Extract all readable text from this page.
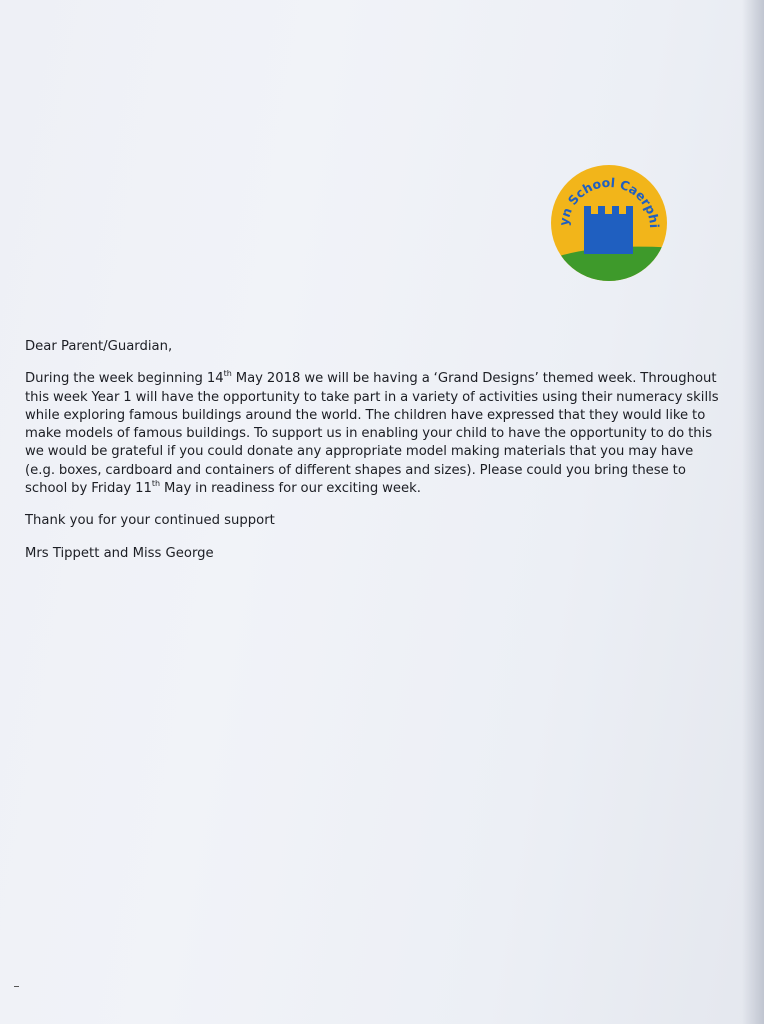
yn School Caerphi

Dear Parent/Guardian,

During the week beginning 14th May 2018 we will be having a ‘Grand Designs’ themed week. Throughout this week Year 1 will have the opportunity to take part in a variety of activities using their numeracy skills while exploring famous buildings around the world. The children have expressed that they would like to make models of famous buildings. To support us in enabling your child to have the opportunity to do this we would be grateful if you could donate any appropriate model making materials that you may have (e.g. boxes, cardboard and containers of different shapes and sizes). Please could you bring these to school by Friday 11th May in readiness for our exciting week.

Thank you for your continued support

Mrs Tippett and Miss George
